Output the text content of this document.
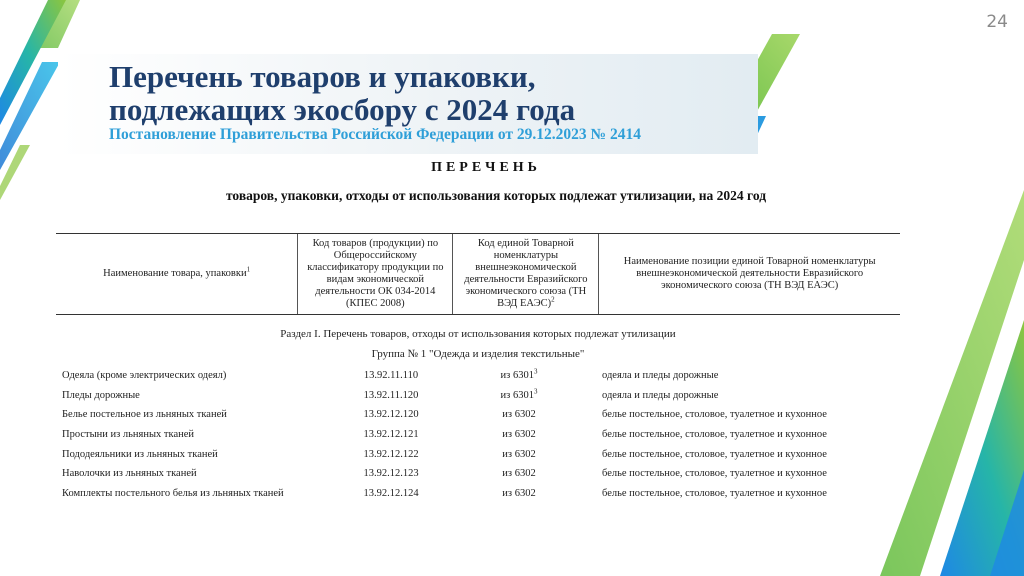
24
Перечень товаров и упаковки,
подлежащих экосбору с 2024 года
Постановление Правительства Российской Федерации от 29.12.2023 № 2414
ПЕРЕЧЕНЬ
товаров, упаковки, отходы от использования которых подлежат утилизации, на 2024 год
Наименование товара, упаковки$^1$	Код товаров (продукции) по Общероссийскому классификатору продукции по видам экономической деятельности ОК 034-2014 (КПЕС 2008)	Код единой Товарной номенклатуры внешнеэкономической деятельности Евразийского экономического союза (ТН ВЭД ЕАЭС)$^2$	Наименование позиции единой Товарной номенклатуры внешнеэкономической деятельности Евразийского экономического союза (ТН ВЭД ЕАЭС)
Раздел I. Перечень товаров, отходы от использования которых подлежат утилизации
Группа № 1 "Одежда и изделия текстильные"
Одеяла (кроме электрических одеял)	13.92.11.110	из 6301$^3$	одеяла и пледы дорожные
Пледы дорожные	13.92.11.120	из 6301$^3$	одеяла и пледы дорожные
Белье постельное из льняных тканей	13.92.12.120	из 6302	белье постельное, столовое, туалетное и кухонное
Простыни из льняных тканей	13.92.12.121	из 6302	белье постельное, столовое, туалетное и кухонное
Пододеяльники из льняных тканей	13.92.12.122	из 6302	белье постельное, столовое, туалетное и кухонное
Наволочки из льняных тканей	13.92.12.123	из 6302	белье постельное, столовое, туалетное и кухонное
Комплекты постельного белья из льняных тканей	13.92.12.124	из 6302	белье постельное, столовое, туалетное и кухонное
